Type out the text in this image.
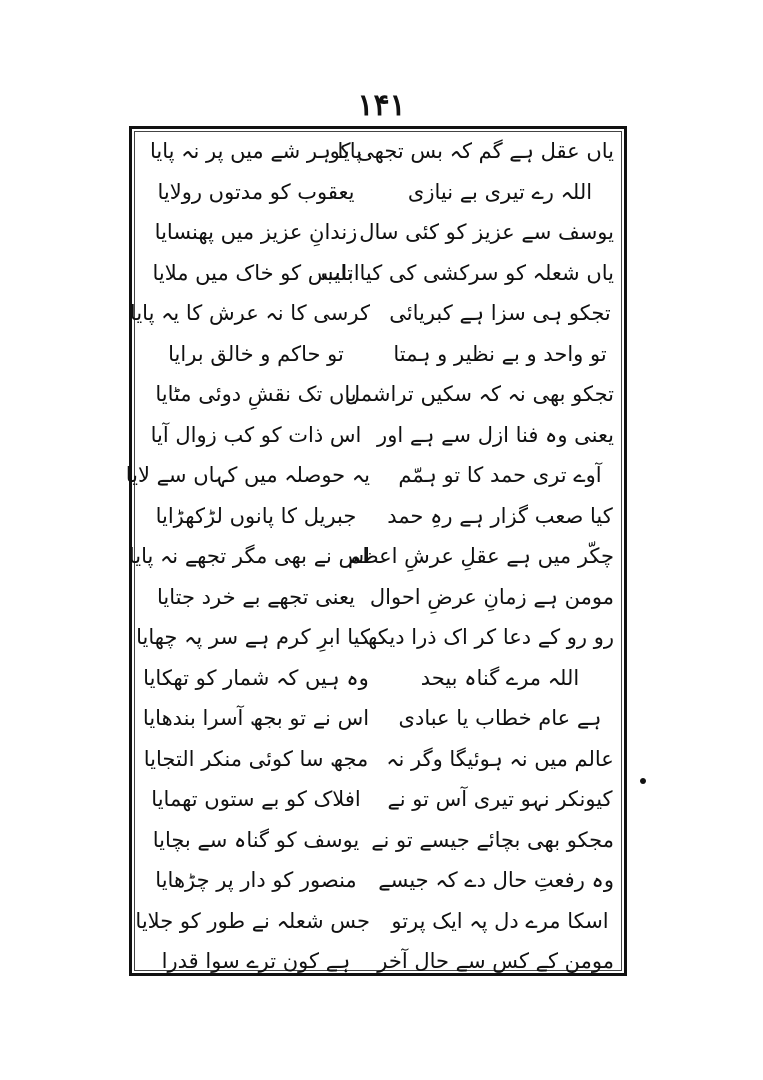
۱۴۱
یاں عقل ہے گم کہ بس تجھی کو
پایا ہر شے میں پر نہ پایا
اللہ رے تیری بے نیازی
یعقوب کو مدتوں رولایا
یوسف سے عزیز کو کئی سال
زندانِ عزیز میں پھنسایا
یاں شعلہ کو سرکشی کی کیا تاب
ابلیس کو خاک میں ملایا
تجکو ہی سزا ہے کبریائی
کرسی کا نہ عرش کا یہ پایا
تو واحد و بے نظیر و ہمتا
تو حاکم و خالق برایا
تجکو بھی نہ کہ سکیں تراشمل
یاں تک نقشِ دوئی مٹایا
یعنی وہ فنا ازل سے ہے اور
اس ذات کو کب زوال آیا
آوے تری حمد کا تو ہمّم
یہ حوصلہ میں کہاں سے لایا
کیا صعب گزار ہے رہِ حمد
جبریل کا پانوں لڑکھڑایا
چکّر میں ہے عقلِ عرشِ اعظم
اس نے بھی مگر تجھے نہ پایا
مومن ہے زمانِ عرضِ احوال
یعنی تجھے بے خرد جتایا
رو رو کے دعا کر اک ذرا دیکھ
کیا ابرِ کرم ہے سر پہ چھایا
اللہ مرے گناہ بیحد
وہ ہیں کہ شمار کو تھکایا
ہے عام خطاب یا عبادی
اس نے تو بجھ آسرا بندھایا
عالم میں نہ ہوئیگا وگر نہ
مجھ سا کوئی منکر التجایا
کیونکر نہو تیری آس تو نے
افلاک کو بے ستوں تھمایا
مجکو بھی بچائے جیسے تو نے
یوسف کو گناہ سے بچایا
وہ رفعتِ حال دے کہ جیسے
منصور کو دار پر چڑھایا
اسکا مرے دل پہ ایک پرتو
جس شعلہ نے طور کو جلایا
مومن کے کس سے حال آخر
ہے کون ترے سوا قدرا
